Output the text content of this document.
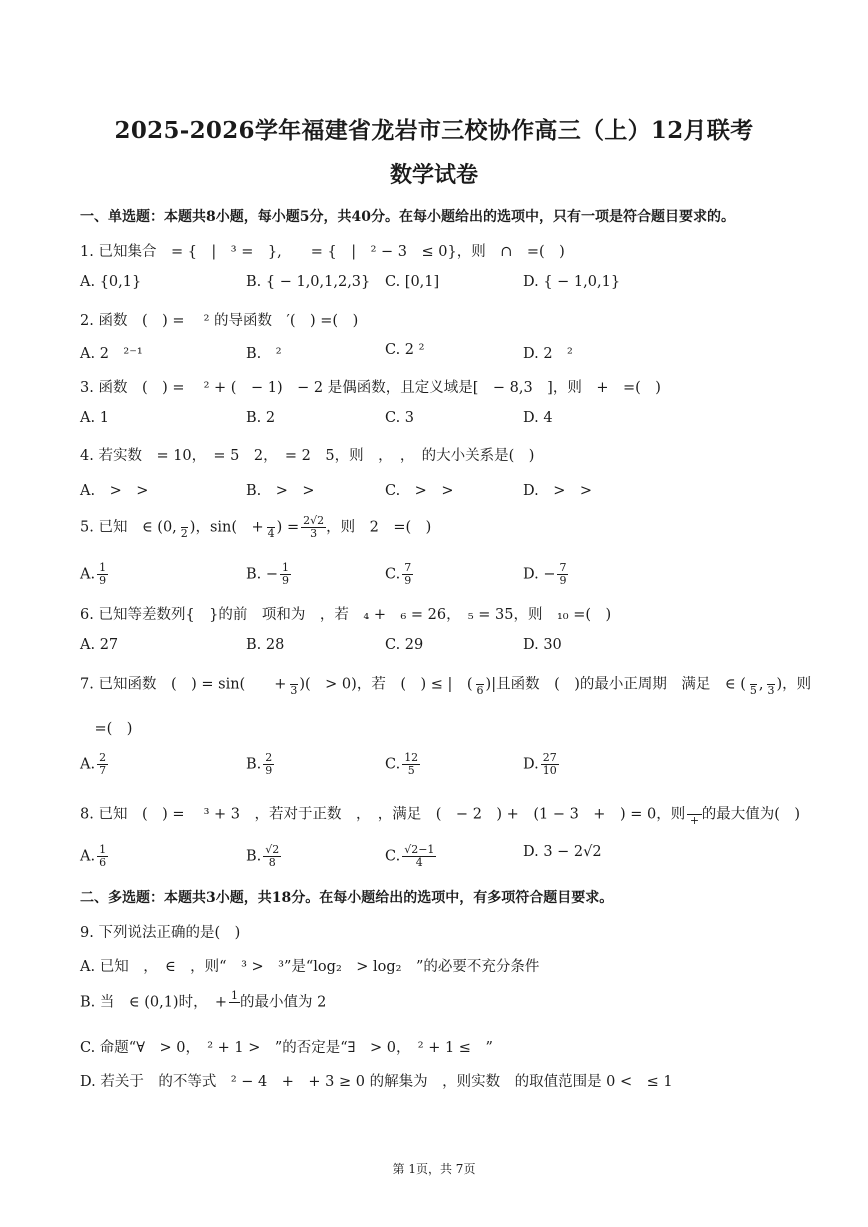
2025-2026学年福建省龙岩市三校协作高三（上）12月联考
数学试卷
一、单选题：本题共8小题，每小题5分，共40分。在每小题给出的选项中，只有一项是符合题目要求的。
1. 已知集合　= {　|　³ =　},　　= {　|　² − 3　≤ 0}，则　∩　=(　)
A. {0,1}	B. { − 1,0,1,2,3} C. [0,1]	D. { − 1,0,1}
2. 函数　(　) = 　² 的导函数　′(　) =(　)
A. 2　²⁻¹	B.　²	C. 2 ²	D. 2　²
3. 函数　(　) = 　² + (　− 1)　− 2 是偶函数，且定义域是[　− 8,3　]，则　+　=(　)
A. 1	B. 2	C. 3	D. 4
4. 若实数　= 10，　= 5　2，　= 2　5，则　，　，　的大小关系是(　)
A.　>　>	B.　>　>	C.　>　>	D.　>　>
5. 已知　∈ (0,
2 )，sin(　+
4 ) = $\frac{2√2}{3}$ ，则　2　=(　)
A. $\frac{1}{9}$	B. − $\frac{1}{9}$	C. $\frac{7}{9}$	D. − $\frac{7}{9}$
6. 已知等差数列{　}的前　项和为　，若　₄ +　₆ = 26，　₅ = 35，则　₁₀ =(　)
A. 27	B. 28	C. 29	D. 30
7. 已知函数　(　) = sin(　　+
3 )(　> 0)，若　(　) ≤ |　(
6 )|且函数　(　)的最小正周期　满足　∈ (
5 ,
3 )，则
　=(　)
A. $\frac{2}{7}$	B. $\frac{2}{9}$	C. $\frac{12}{5}$	D. $\frac{27}{10}$
8. 已知　(　) = 　³ + 3　，若对于正数　，　，满足　(　− 2　) +　(1 − 3　+　) = 0，则
+ 的最大值为(　)
A. $\frac{1}{6}$	B. $\frac{√2}{8}$	C. $\frac{√2-1}{4}$	D. 3 − 2√2
二、多选题：本题共3小题，共18分。在每小题给出的选项中，有多项符合题目要求。
9. 下列说法正确的是(　)
A. 已知　，　∈　，则“　³ >　³”是“log₂　> log₂　”的必要不充分条件
B. 当　∈ (0,1)时，　+ 1
的最小值为 2
C. 命题“∀　> 0，　² + 1 >　”的否定是“∃　> 0，　² + 1 ≤　”
D. 若关于　的不等式　² − 4　+　+ 3 ≥ 0 的解集为　，则实数　的取值范围是 0 <　≤ 1
第 1页，共 7页
